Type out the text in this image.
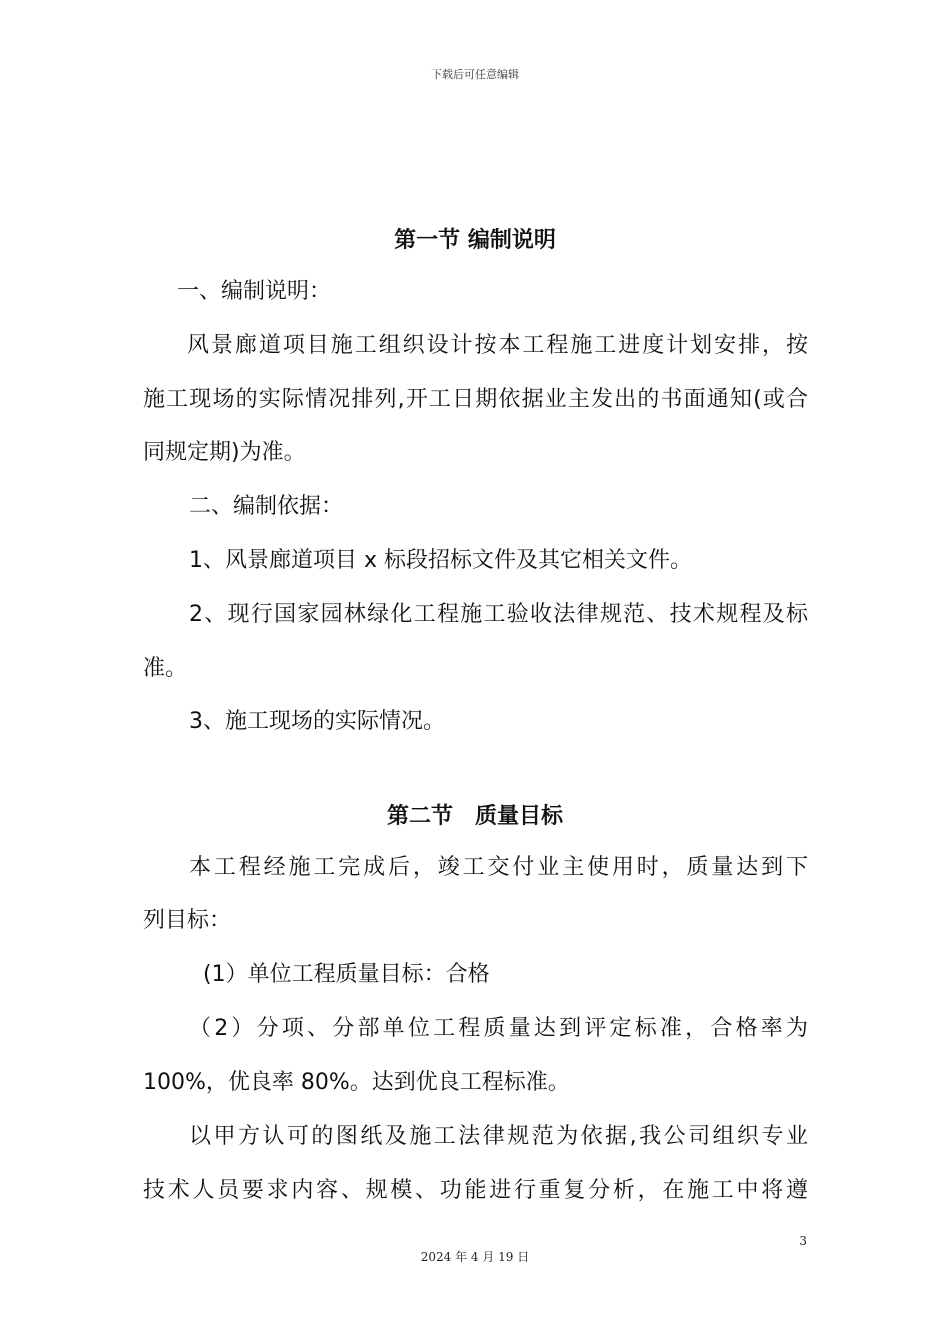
下载后可任意编辑
第一节 编制说明
一、编制说明：
风景廊道项目施工组织设计按本工程施工进度计划安排，按
施工现场的实际情况排列,开工日期依据业主发出的书面通知(或合
同规定期)为准。
二、编制依据：
1、风景廊道项目 x 标段招标文件及其它相关文件。
2、现行国家园林绿化工程施工验收法律规范、技术规程及标
准。
3、施工现场的实际情况。
第二节　质量目标
本工程经施工完成后，竣工交付业主使用时，质量达到下
列目标：
(1）单位工程质量目标：合格
（2）分项、分部单位工程质量达到评定标准，合格率为
100%，优良率 80%。达到优良工程标准。
以甲方认可的图纸及施工法律规范为依据,我公司组织专业
技术人员要求内容、规模、功能进行重复分析，在施工中将遵
3
2024 年 4 月 19 日
